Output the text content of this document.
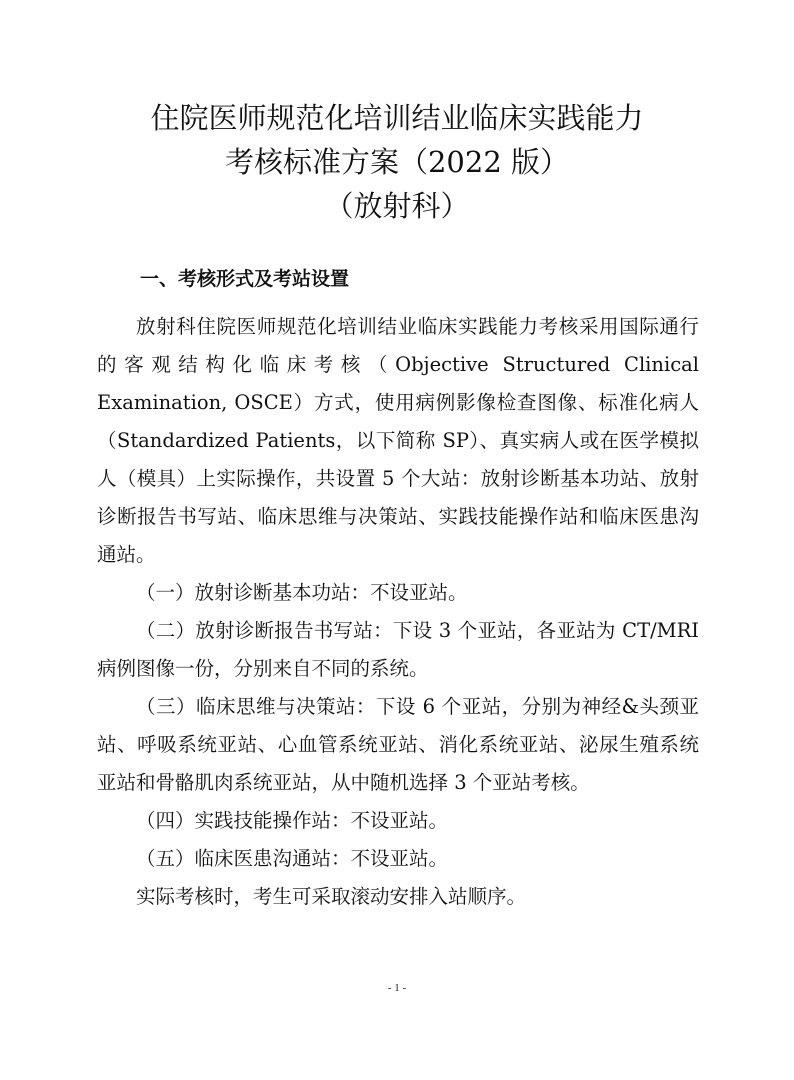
住院医师规范化培训结业临床实践能力
考核标准方案（2022 版）
（放射科）
一、考核形式及考站设置

放射科住院医师规范化培训结业临床实践能力考核采用国际通行的客观结构化临床考核（Objective Structured Clinical Examination, OSCE）方式，使用病例影像检查图像、标准化病人（Standardized Patients，以下简称 SP）、真实病人或在医学模拟人（模具）上实际操作，共设置 5 个大站：放射诊断基本功站、放射诊断报告书写站、临床思维与决策站、实践技能操作站和临床医患沟通站。

（一）放射诊断基本功站：不设亚站。

（二）放射诊断报告书写站：下设 3 个亚站，各亚站为 CT/MRI 病例图像一份，分别来自不同的系统。

（三）临床思维与决策站：下设 6 个亚站，分别为神经&头颈亚站、呼吸系统亚站、心血管系统亚站、消化系统亚站、泌尿生殖系统亚站和骨骼肌肉系统亚站，从中随机选择 3 个亚站考核。

（四）实践技能操作站：不设亚站。

（五）临床医患沟通站：不设亚站。

实际考核时，考生可采取滚动安排入站顺序。

- 1 -
